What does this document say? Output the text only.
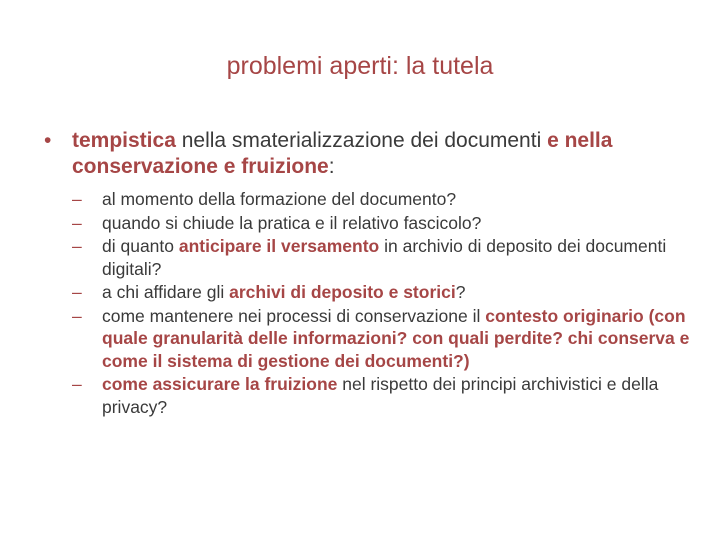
problemi aperti: la tutela
• tempistica nella smaterializzazione dei documenti e nella conservazione e fruizione:
– al momento della formazione del documento?
– quando si chiude la pratica e il relativo fascicolo?
– di quanto anticipare il versamento in archivio di deposito dei documenti digitali?
– a chi affidare gli archivi di deposito e storici?
– come mantenere nei processi di conservazione il contesto originario (con quale granularità delle informazioni? con quali perdite? chi conserva e come il sistema di gestione dei documenti?)
– come assicurare la fruizione nel rispetto dei principi archivistici e della privacy?
